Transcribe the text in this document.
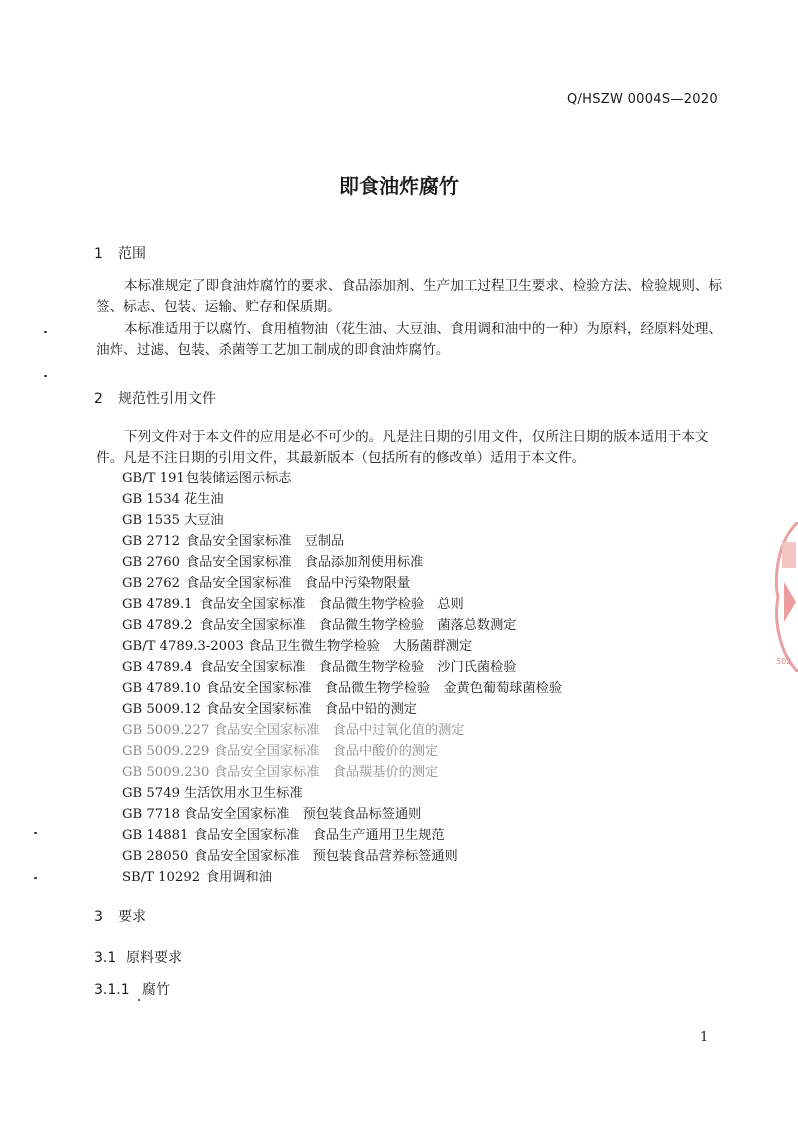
Q/HSZW 0004S—2020
即食油炸腐竹
1 范围
本标准规定了即食油炸腐竹的要求、食品添加剂、生产加工过程卫生要求、检验方法、检验规则、标签、标志、包装、运输、贮存和保质期。
本标准适用于以腐竹、食用植物油（花生油、大豆油、食用调和油中的一种）为原料，经原料处理、油炸、过滤、包装、杀菌等工艺加工制成的即食油炸腐竹。
2 规范性引用文件
下列文件对于本文件的应用是必不可少的。凡是注日期的引用文件，仅所注日期的版本适用于本文件。凡是不注日期的引用文件，其最新版本（包括所有的修改单）适用于本文件。
GB/T 191包装储运图示标志
GB 1534 花生油
GB 1535 大豆油
GB 2712 食品安全国家标准　豆制品
GB 2760 食品安全国家标准　食品添加剂使用标准
GB 2762 食品安全国家标准　食品中污染物限量
GB 4789.1 食品安全国家标准　食品微生物学检验　总则
GB 4789.2 食品安全国家标准　食品微生物学检验　菌落总数测定
GB/T 4789.3-2003 食品卫生微生物学检验　大肠菌群测定
GB 4789.4 食品安全国家标准　食品微生物学检验　沙门氏菌检验
GB 4789.10 食品安全国家标准　食品微生物学检验　金黄色葡萄球菌检验
GB 5009.12 食品安全国家标准　食品中铅的测定
GB 5009.227 食品安全国家标准　食品中过氧化值的测定
GB 5009.229 食品安全国家标准　食品中酸价的测定
GB 5009.230 食品安全国家标准　食品羰基价的测定
GB 5749 生活饮用水卫生标准
GB 7718 食品安全国家标准　预包装食品标签通则
GB 14881 食品安全国家标准　食品生产通用卫生规范
GB 28050 食品安全国家标准　预包装食品营养标签通则
SB/T 10292 食用调和油
3 要求
3.1 原料要求
3.1.1 腐竹
1
502
